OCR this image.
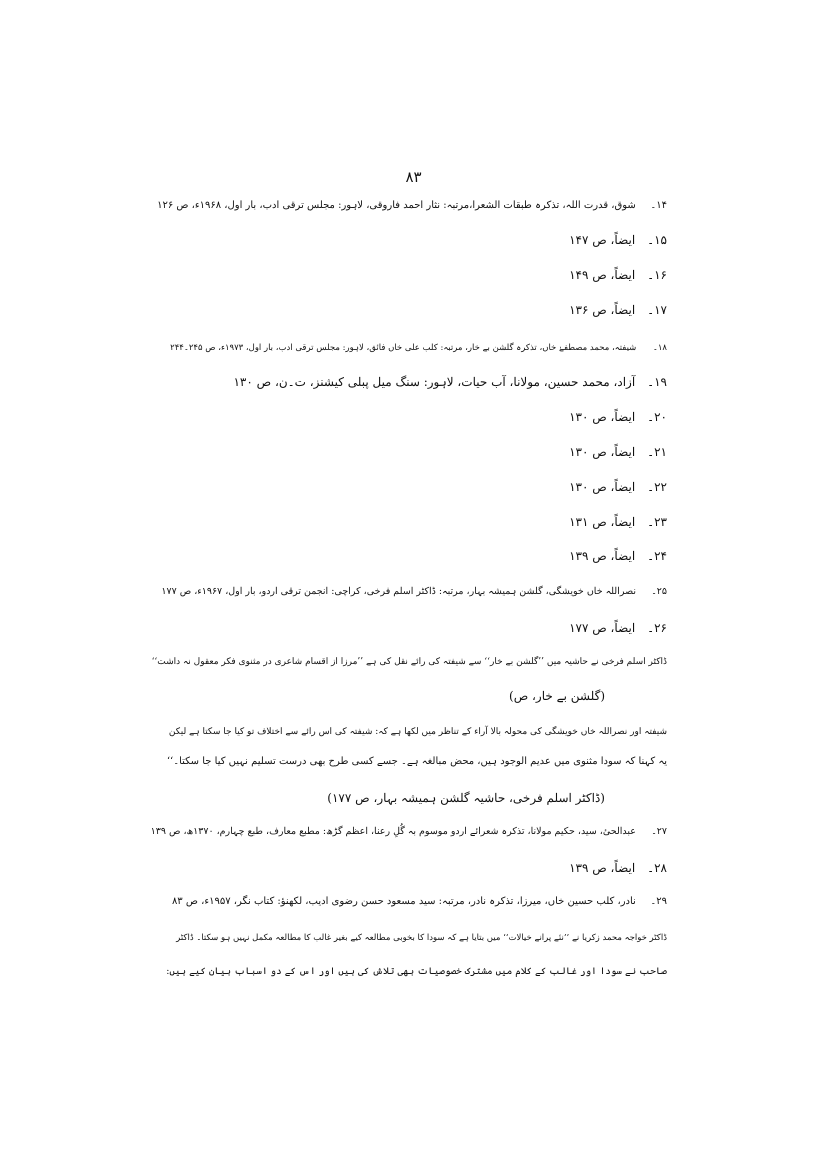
۸۳
۱۴۔ شوق، قدرت اللہ، تذکرہ طبقات الشعرا،مرتبہ: نثار احمد فاروقی، لاہور: مجلس ترقی ادب، بار اول، ۱۹۶۸ء، ص ۱۲۶
۱۵۔ ایضاً، ص ۱۴۷
۱۶۔ ایضاً، ص ۱۴۹
۱۷۔ ایضاً، ص ۱۳۶
۱۸۔ شیفتہ، محمد مصطفےٰ خاں، تذکرہ گلشن بے خار، مرتبہ: کلب علی خاں فائق، لاہور: مجلس ترقی ادب، بار اول، ۱۹۷۳ء، ص ۲۴۵۔۲۴۴
۱۹۔ آزاد، محمد حسین، مولانا، آب حیات، لاہور: سنگ میل پبلی کیشنز، ت۔ن، ص ۱۳۰
۲۰۔ ایضاً، ص ۱۳۰
۲۱۔ ایضاً، ص ۱۳۰
۲۲۔ ایضاً، ص ۱۳۰
۲۳۔ ایضاً، ص ۱۳۱
۲۴۔ ایضاً، ص ۱۳۹
۲۵۔ نصراللہ خاں خویشگی، گلشن ہمیشہ بہار، مرتبہ: ڈاکٹر اسلم فرخی، کراچی: انجمن ترقی اردو، بار اول، ۱۹۶۷ء، ص ۱۷۷
۲۶۔ ایضاً، ص ۱۷۷
ڈاکٹر اسلم فرخی نے حاشیہ میں ’’گلشن بے خار‘‘ سے شیفتہ کی رائے نقل کی ہے ’’مرزا از اقسام شاعری در مثنوی فکر معقول نہ داشت‘‘
(گلشن بے خار، ص)
شیفتہ اور نصراللہ خاں خویشگی کی محولہ بالا آراء کے تناظر میں لکھا ہے کہ: شیفتہ کی اس رائے سے اختلاف تو کیا جا سکتا ہے لیکن
یہ کہنا کہ سودا مثنوی میں عدیم الوجود ہیں، محض مبالغہ ہے۔ جسے کسی طرح بھی درست تسلیم نہیں کیا جا سکتا۔‘‘
(ڈاکٹر اسلم فرخی، حاشیہ گلشن ہمیشہ بہار، ص ۱۷۷)
۲۷۔ عبدالحیٔ، سید، حکیم مولانا، تذکرہ شعرائے اردو موسوم بہ گُلِ رعنا، اعظم گڑھ: مطبع معارف، طبع چہارم، ۱۳۷۰ھ، ص ۱۳۹
۲۸۔ ایضاً، ص ۱۳۹
۲۹۔ نادر، کلب حسین خاں، میرزا، تذکرہ نادر، مرتبہ: سید مسعود حسن رضوی ادیب، لکھنؤ: کتاب نگر، ۱۹۵۷ء، ص ۸۳
ڈاکٹر خواجہ محمد زکریا نے ’’نئے پرانے خیالات‘‘ میں بتایا ہے کہ سودا کا بخوبی مطالعہ کیے بغیر غالب کا مطالعہ مکمل نہیں ہو سکتا۔ ڈاکٹر
صاحب نے سودا اور غالب کے کلام میں مشترک خصوصیات بھی تلاش کی ہیں اور اس کے دو اسباب بیان کیے ہیں:
